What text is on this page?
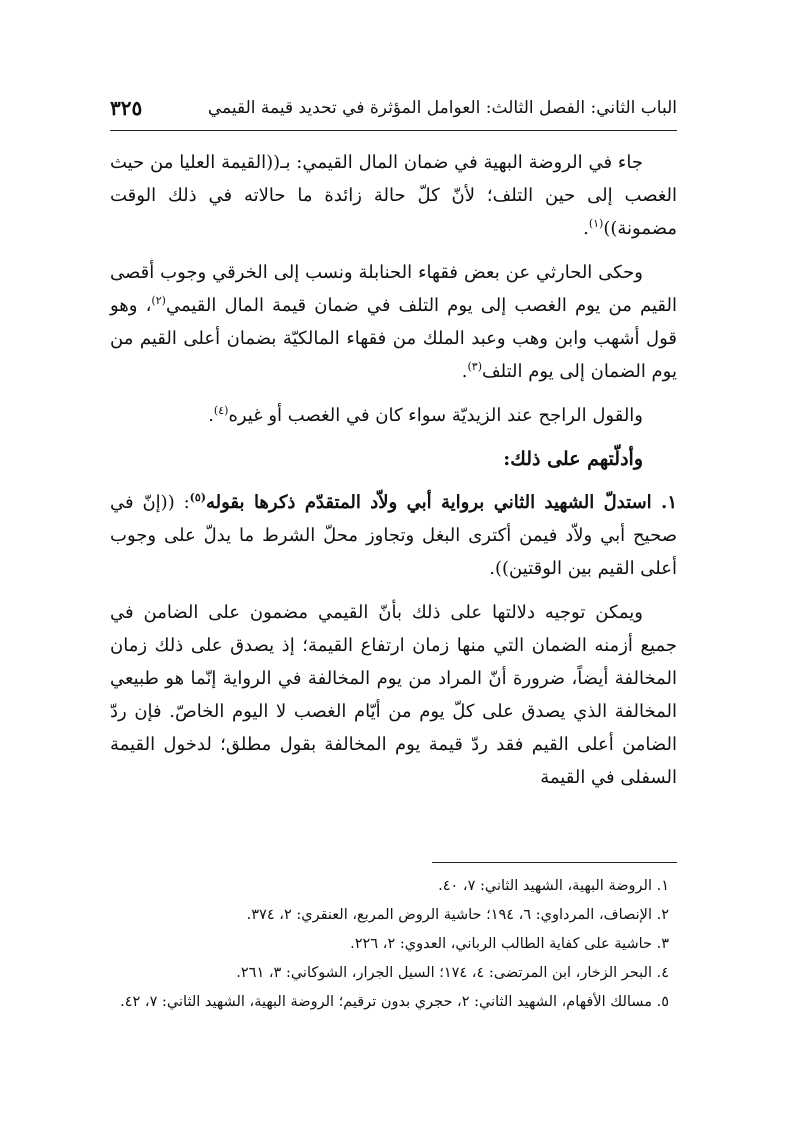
٣٢٥	الباب الثاني: الفصل الثالث: العوامل المؤثرة في تحديد قيمة القيمي

جاء في الروضة البهية في ضمان المال القيمي: بـ((القيمة العليا من حيث الغصب إلى حين التلف؛ لأنّ كلّ حالة زائدة ما حالاته في ذلك الوقت مضمونة))$^{(١)}$.

وحكى الحارثي عن بعض فقهاء الحنابلة ونسب إلى الخرقي وجوب أقصى القيم من يوم الغصب إلى يوم التلف في ضمان قيمة المال القيمي$^{(٢)}$، وهو قول أشهب وابن وهب وعبد الملك من فقهاء المالكيّة بضمان أعلى القيم من يوم الضمان إلى يوم التلف$^{(٣)}$.

والقول الراجح عند الزيديّة سواء كان في الغصب أو غيره$^{(٤)}$.

وأدلّتهم على ذلك:

١. استدلّ الشهيد الثاني برواية أبي ولاّد المتقدّم ذكرها بقوله$^{(٥)}$: ((إنّ في صحيح أبي ولاّد فيمن أكترى البغل وتجاوز محلّ الشرط ما يدلّ على وجوب أعلى القيم بين الوقتين)).

ويمكن توجيه دلالتها على ذلك بأنّ القيمي مضمون على الضامن في جميع أزمنه الضمان التي منها زمان ارتفاع القيمة؛ إذ يصدق على ذلك زمان المخالفة أيضاً، ضرورة أنّ المراد من يوم المخالفة في الرواية إنّما هو طبيعي المخالفة الذي يصدق على كلّ يوم من أيّام الغصب لا اليوم الخاصّ. فإن ردّ الضامن أعلى القيم فقد ردّ قيمة يوم المخالفة بقول مطلق؛ لدخول القيمة السفلى في القيمة

١. الروضة البهية، الشهيد الثاني: ٧، ٤٠.
٢. الإنصاف، المرداوي: ٦، ١٩٤؛ حاشية الروض المربع، العنقري: ٢، ٣٧٤.
٣. حاشية على كفاية الطالب الرباني، العدوي: ٢، ٢٢٦.
٤. البحر الزخار، ابن المرتضى: ٤، ١٧٤؛ السيل الجرار، الشوكاني: ٣، ٢٦١.
٥. مسالك الأفهام، الشهيد الثاني: ٢، حجري بدون ترقيم؛ الروضة البهية، الشهيد الثاني: ٧، ٤٢.
